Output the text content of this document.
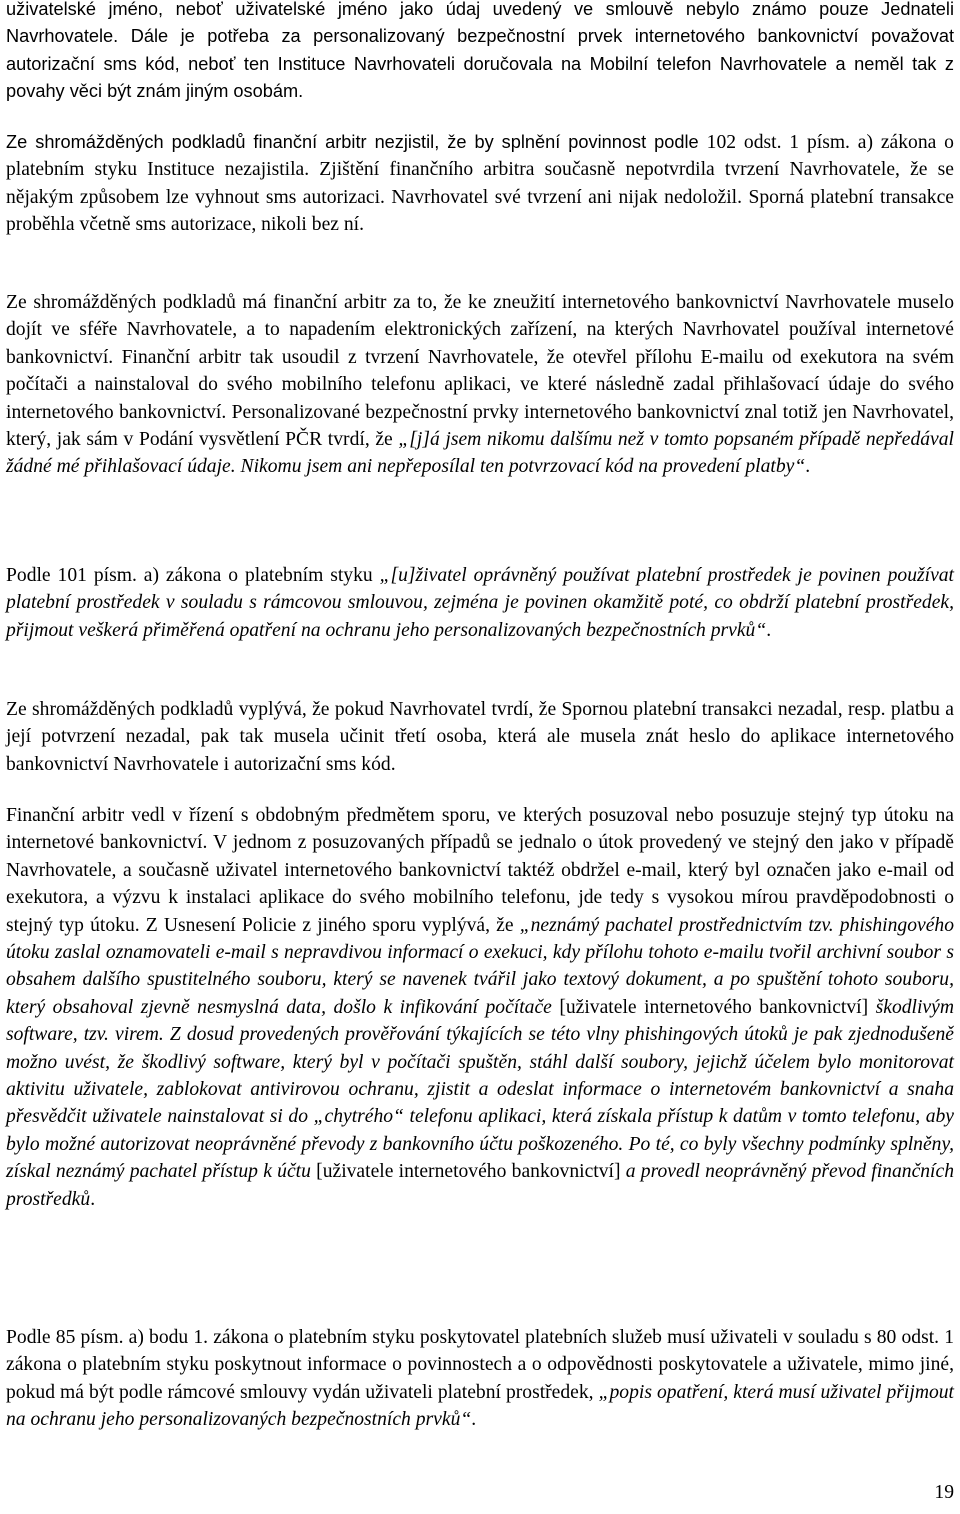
uživatelské jméno, neboť uživatelské jméno jako údaj uvedený ve smlouvě nebylo známo pouze Jednateli Navrhovatele. Dále je potřeba za personalizovaný bezpečnostní prvek internetového bankovnictví považovat autorizační sms kód, neboť ten Instituce Navrhovateli doručovala na Mobilní telefon Navrhovatele a neměl tak z povahy věci být znám jiným osobám.

Ze shromážděných podkladů finanční arbitr nezjistil, že by splnění povinnost podle 102 odst. 1 písm. a) zákona o platebním styku Instituce nezajistila. Zjištění finančního arbitra současně nepotvrdila tvrzení Navrhovatele, že se nějakým způsobem lze vyhnout sms autorizaci. Navrhovatel své tvrzení ani nijak nedoložil. Sporná platební transakce proběhla včetně sms autorizace, nikoli bez ní.

Ze shromážděných podkladů má finanční arbitr za to, že ke zneužití internetového bankovnictví Navrhovatele muselo dojít ve sféře Navrhovatele, a to napadením elektronických zařízení, na kterých Navrhovatel používal internetové bankovnictví. Finanční arbitr tak usoudil z tvrzení Navrhovatele, že otevřel přílohu E-mailu od exekutora na svém počítači a nainstaloval do svého mobilního telefonu aplikaci, ve které následně zadal přihlašovací údaje do svého internetového bankovnictví. Personalizované bezpečnostní prvky internetového bankovnictví znal totiž jen Navrhovatel, který, jak sám v Podání vysvětlení PČR tvrdí, že „[j]á jsem nikomu dalšímu než v tomto popsaném případě nepředával žádné mé přihlašovací údaje. Nikomu jsem ani nepřeposílal ten potvrzovací kód na provedení platby“.

Podle 101 písm. a) zákona o platebním styku „[u]živatel oprávněný používat platební prostředek je povinen používat platební prostředek v souladu s rámcovou smlouvou, zejména je povinen okamžitě poté, co obdrží platební prostředek, přijmout veškerá přiměřená opatření na ochranu jeho personalizovaných bezpečnostních prvků“.

Ze shromážděných podkladů vyplývá, že pokud Navrhovatel tvrdí, že Spornou platební transakci nezadal, resp. platbu a její potvrzení nezadal, pak tak musela učinit třetí osoba, která ale musela znát heslo do aplikace internetového bankovnictví Navrhovatele i autorizační sms kód.

Finanční arbitr vedl v řízení s obdobným předmětem sporu, ve kterých posuzoval nebo posuzuje stejný typ útoku na internetové bankovnictví. V jednom z posuzovaných případů se jednalo o útok provedený ve stejný den jako v případě Navrhovatele, a současně uživatel internetového bankovnictví taktéž obdržel e-mail, který byl označen jako e-mail od exekutora, a výzvu k instalaci aplikace do svého mobilního telefonu, jde tedy s vysokou mírou pravděpodobnosti o stejný typ útoku. Z Usnesení Policie z jiného sporu vyplývá, že „neznámý pachatel prostřednictvím tzv. phishingového útoku zaslal oznamovateli e-mail s nepravdivou informací o exekuci, kdy přílohu tohoto e-mailu tvořil archivní soubor s obsahem dalšího spustitelného souboru, který se navenek tvářil jako textový dokument, a po spuštění tohoto souboru, který obsahoval zjevně nesmyslná data, došlo k infikování počítače [uživatele internetového bankovnictví] škodlivým software, tzv. virem. Z dosud provedených prověřování týkajících se této vlny phishingových útoků je pak zjednodušeně možno uvést, že škodlivý software, který byl v počítači spuštěn, stáhl další soubory, jejichž účelem bylo monitorovat aktivitu uživatele, zablokovat antivirovou ochranu, zjistit a odeslat informace o internetovém bankovnictví a snaha přesvědčit uživatele nainstalovat si do „chytrého“ telefonu aplikaci, která získala přístup k datům v tomto telefonu, aby bylo možné autorizovat neoprávněné převody z bankovního účtu poškozeného. Po té, co byly všechny podmínky splněny, získal neznámý pachatel přístup k účtu [uživatele internetového bankovnictví] a provedl neoprávněný převod finančních prostředků.

Podle 85 písm. a) bodu 1. zákona o platebním styku poskytovatel platebních služeb musí uživateli v souladu s 80 odst. 1 zákona o platebním styku poskytnout informace o povinnostech a o odpovědnosti poskytovatele a uživatele, mimo jiné, pokud má být podle rámcové smlouvy vydán uživateli platební prostředek, „popis opatření, která musí uživatel přijmout na ochranu jeho personalizovaných bezpečnostních prvků“.

19
